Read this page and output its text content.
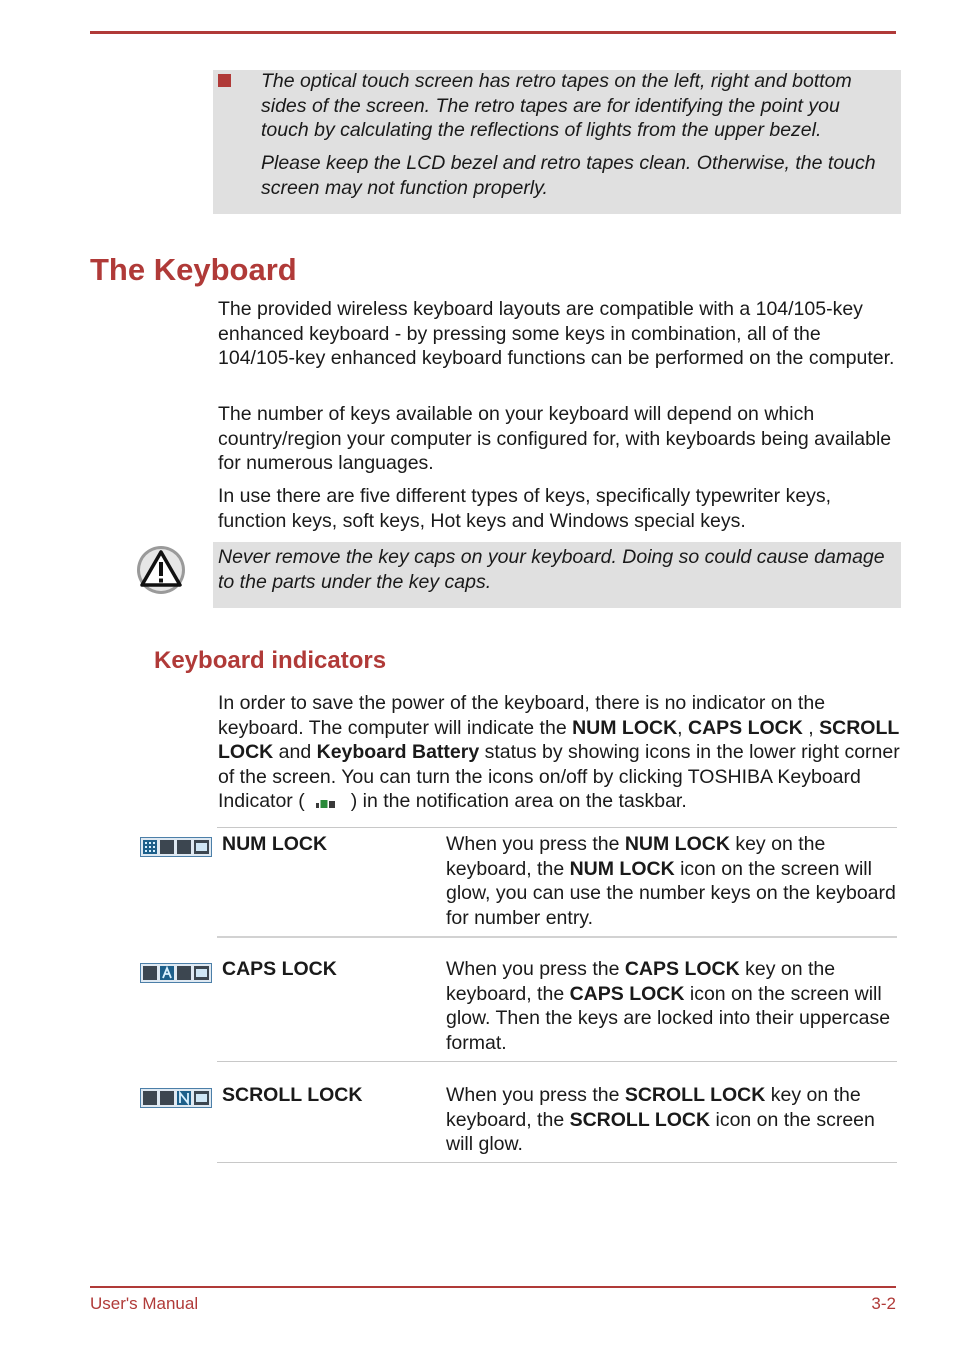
The optical touch screen has retro tapes on the left, right and bottom sides of the screen. The retro tapes are for identifying the point you touch by calculating the reflections of lights from the upper bezel.

Please keep the LCD bezel and retro tapes clean. Otherwise, the touch screen may not function properly.

The Keyboard

The provided wireless keyboard layouts are compatible with a 104/105-key enhanced keyboard - by pressing some keys in combination, all of the 104/105-key enhanced keyboard functions can be performed on the computer.

The number of keys available on your keyboard will depend on which country/region your computer is configured for, with keyboards being available for numerous languages.

In use there are five different types of keys, specifically typewriter keys, function keys, soft keys, Hot keys and Windows special keys.

Never remove the key caps on your keyboard. Doing so could cause damage to the parts under the key caps.

Keyboard indicators

In order to save the power of the keyboard, there is no indicator on the keyboard. The computer will indicate the NUM LOCK, CAPS LOCK , SCROLL LOCK and Keyboard Battery status by showing icons in the lower right corner of the screen. You can turn the icons on/off by clicking TOSHIBA Keyboard Indicator ( ) in the notification area on the taskbar.

NUM LOCK	When you press the NUM LOCK key on the keyboard, the NUM LOCK icon on the screen will glow, you can use the number keys on the keyboard for number entry.

CAPS LOCK	When you press the CAPS LOCK key on the keyboard, the CAPS LOCK icon on the screen will glow. Then the keys are locked into their uppercase format.

SCROLL LOCK	When you press the SCROLL LOCK key on the keyboard, the SCROLL LOCK icon on the screen will glow.

User's Manual	3-2
